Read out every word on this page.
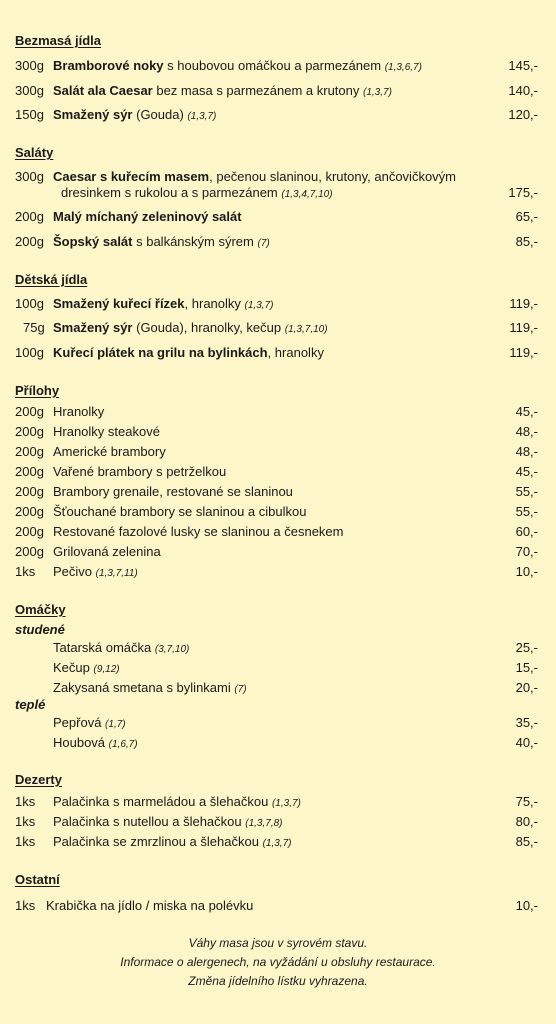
Bezmasá jídla
300g Bramborové noky s houbovou omáčkou a parmezánem (1,3,6,7)	145,-
300g Salát ala Caesar bez masa s parmezánem a krutony (1,3,7)	140,-
150g Smažený sýr (Gouda) (1,3,7)	120,-
Saláty
300g Caesar s kuřecím masem, pečenou slaninou, krutony, ančovičkovým
dresinkem s rukolou a s parmezánem (1,3,4,7,10)	175,-
200g Malý míchaný zeleninový salát	65,-
200g Šopský salát s balkánským sýrem (7)	85,-
Dětská jídla
100g Smažený kuřecí řízek, hranolky (1,3,7)	119,-
75g Smažený sýr (Gouda), hranolky, kečup (1,3,7,10)	119,-
100g Kuřecí plátek na grilu na bylinkách, hranolky	119,-
Přílohy
200g Hranolky	45,-
200g Hranolky steakové	48,-
200g Americké brambory	48,-
200g Vařené brambory s petrželkou	45,-
200g Brambory grenaile, restované se slaninou	55,-
200g Šťouchané brambory se slaninou a cibulkou	55,-
200g Restované fazolové lusky se slaninou a česnekem	60,-
200g Grilovaná zelenina	70,-
1ks Pečivo (1,3,7,11)	10,-
Omáčky
studené
Tatarská omáčka (3,7,10)	25,-
Kečup (9,12)	15,-
Zakysaná smetana s bylinkami (7)	20,-
teplé
Pepřová (1,7)	35,-
Houbová (1,6,7)	40,-
Dezerty
1ks Palačinka s marmeládou a šlehačkou (1,3,7)	75,-
1ks Palačinka s nutellou a šlehačkou (1,3,7,8)	80,-
1ks Palačinka se zmrzlinou a šlehačkou (1,3,7)	85,-
Ostatní
1ks Krabička na jídlo / miska na polévku	10,-
Váhy masa jsou v syrovém stavu.
Informace o alergenech, na vyžádání u obsluhy restaurace.
Změna jídelního lístku vyhrazena.
